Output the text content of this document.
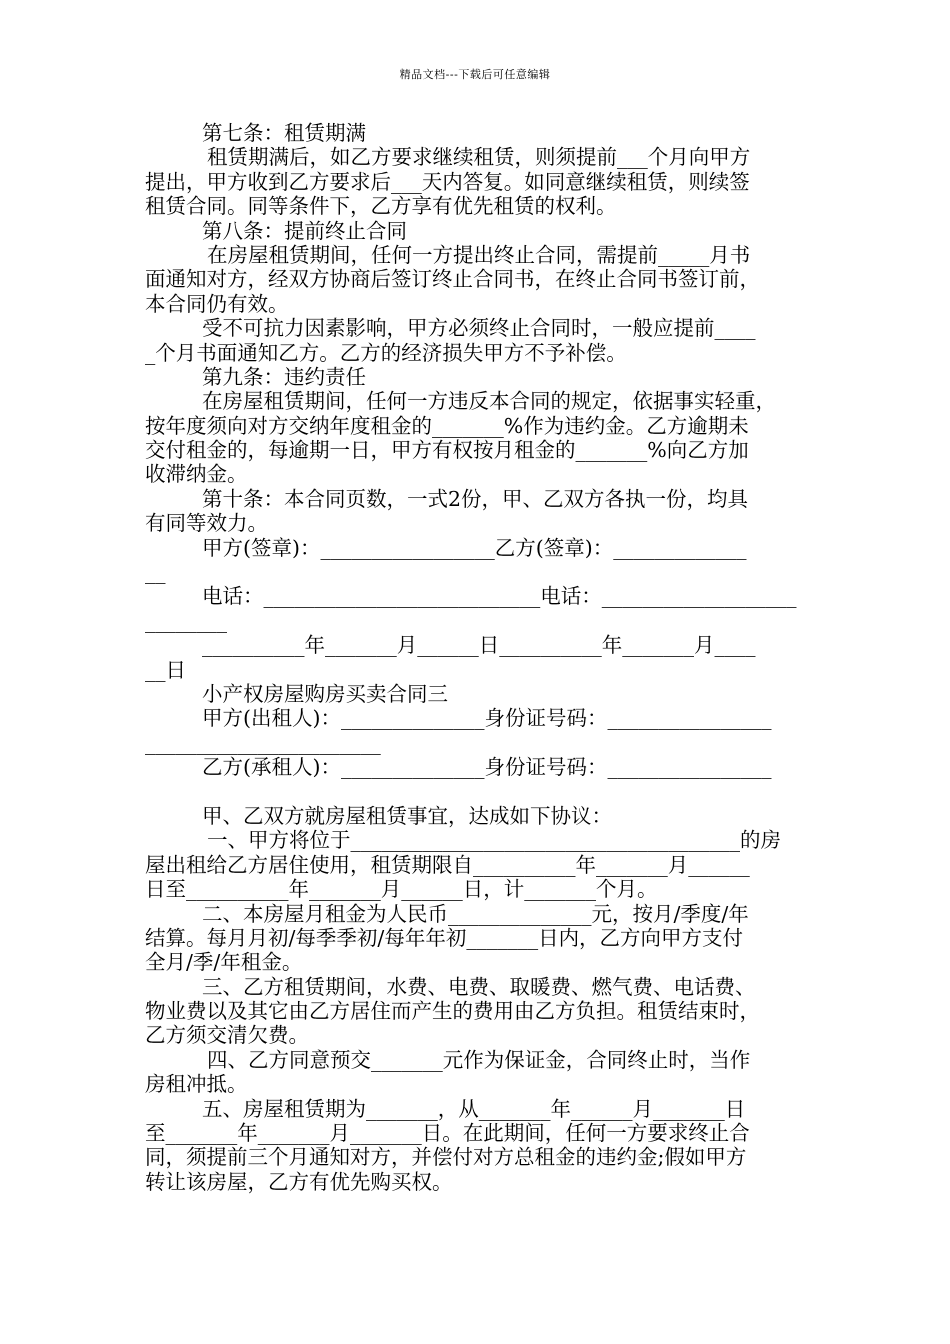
精品文档---下载后可任意编辑
第七条：租赁期满
租赁期满后，如乙方要求继续租赁，则须提前___个月向甲方
提出，甲方收到乙方要求后___天内答复。如同意继续租赁，则续签
租赁合同。同等条件下，乙方享有优先租赁的权利。
第八条：提前终止合同
在房屋租赁期间，任何一方提出终止合同，需提前_____月书
面通知对方，经双方协商后签订终止合同书，在终止合同书签订前，
本合同仍有效。
受不可抗力因素影响，甲方必须终止合同时，一般应提前____
_个月书面通知乙方。乙方的经济损失甲方不予补偿。
第九条：违约责任
在房屋租赁期间，任何一方违反本合同的规定，依据事实轻重，
按年度须向对方交纳年度租金的_______%作为违约金。乙方逾期未
交付租金的，每逾期一日，甲方有权按月租金的_______%向乙方加
收滞纳金。
第十条：本合同页数，一式2份，甲、乙双方各执一份，均具
有同等效力。
甲方(签章)：_________________乙方(签章)：_____________
__
电话：___________________________电话：___________________
________
__________年_______月______日__________年_______月____
__日
小产权房屋购房买卖合同三
甲方(出租人)：______________身份证号码：________________
_______________________
乙方(承租人)：______________身份证号码：________________
甲、乙双方就房屋租赁事宜，达成如下协议：
一、甲方将位于______________________________________的房
屋出租给乙方居住使用，租赁期限自__________年_______月______
日至__________年_______月______日，计_______个月。
二、本房屋月租金为人民币______________元，按月/季度/年
结算。每月月初/每季季初/每年年初_______日内，乙方向甲方支付
全月/季/年租金。
三、乙方租赁期间，水费、电费、取暖费、燃气费、电话费、
物业费以及其它由乙方居住而产生的费用由乙方负担。租赁结束时，
乙方须交清欠费。
四、乙方同意预交_______元作为保证金，合同终止时，当作
房租冲抵。
五、房屋租赁期为_______，从_______年______月_______日
至_______年_______月_______日。在此期间，任何一方要求终止合
同，须提前三个月通知对方，并偿付对方总租金的违约金;假如甲方
转让该房屋，乙方有优先购买权。
